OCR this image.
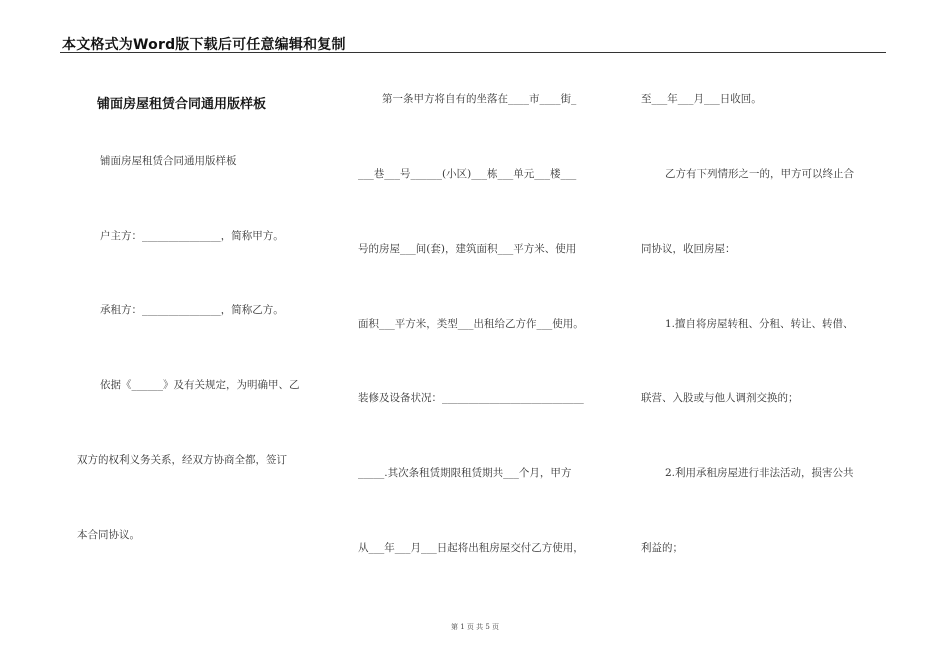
本文格式为Word版下载后可任意编辑和复制
铺面房屋租赁合同通用版样板
铺面房屋租赁合同通用版样板
户主方：_______________，简称甲方。
承租方：_______________，简称乙方。
依据《______》及有关规定，为明确甲、乙
双方的权利义务关系，经双方协商全都，签订
本合同协议。
第一条甲方将自有的坐落在____市____街_
___巷___号______(小区)___栋___单元___楼___
号的房屋___间(套)，建筑面积___平方米、使用
面积___平方米，类型___出租给乙方作___使用。
装修及设备状况：___________________________
_____.其次条租赁期限租赁期共___个月，甲方
从___年___月___日起将出租房屋交付乙方使用，
至___年___月___日收回。
乙方有下列情形之一的，甲方可以终止合
同协议，收回房屋：
1.擅自将房屋转租、分租、转让、转借、
联营、入股或与他人调剂交换的；
2.利用承租房屋进行非法活动，损害公共
利益的；
第 1 页 共 5 页
